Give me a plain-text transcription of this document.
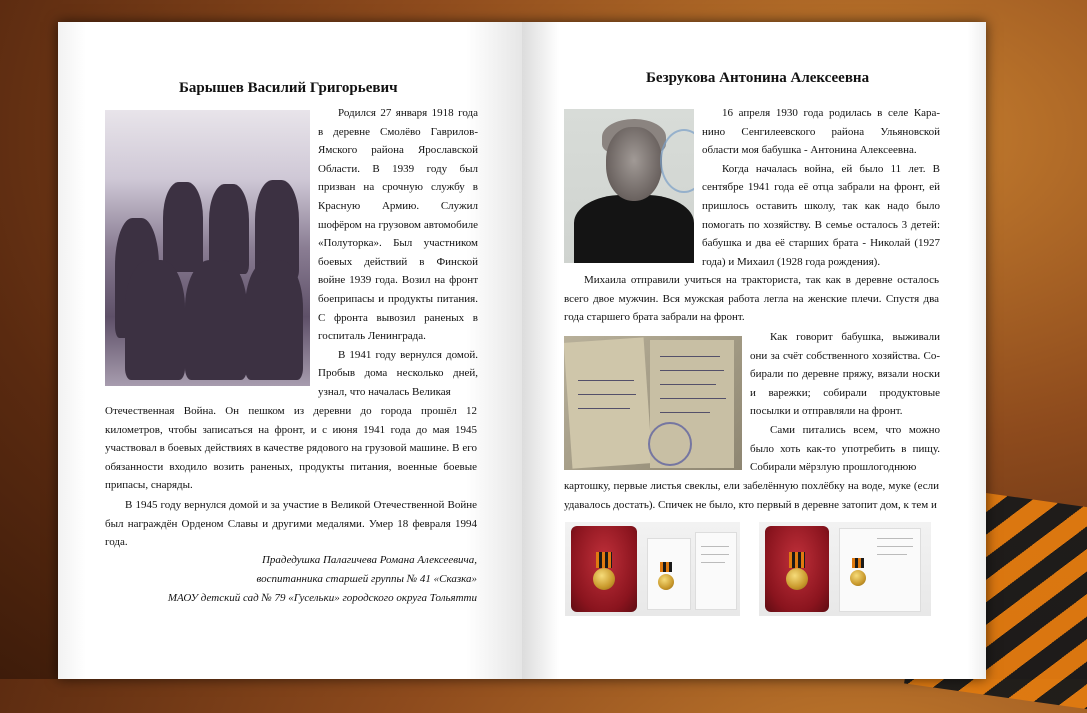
Барышев Василий Григорьевич
Родился 27 января 1918 года
в деревне Смолёво Гаврилов-
Ямского района Ярославской
Области. В 1939 году был
призван на срочную службу в
Красную Армию. Служил
шофёром на грузовом автомобиле
«Полуторка». Был участником
боевых действий в Финской
войне 1939 года. Возил на фронт
боеприпасы и продукты питания.
С фронта вывозил раненых в
госпиталь Ленинграда.
В 1941 году вернулся домой.
Пробыв дома несколько дней,
узнал, что началась Великая
Отечественная Война. Он пешком из деревни до города прошёл 12 километров, чтобы записаться на фронт, и с июня 1941 года до мая 1945 участвовал в боевых действиях в качестве рядового на грузовой машине. В его обязанности входило возить раненых, продукты питания, военные боевые припасы, снаряды.
В 1945 году вернулся домой и за участие в Великой Отечественной Войне был награждён Орденом Славы и другими медалями. Умер 18 февраля 1994 года.
Прадедушка Палагичева Романа Алексеевича,
воспитанника старшей группы № 41 «Сказка»
МАОУ детский сад № 79 «Гусельки» городского округа Тольятти
Безрукова Антонина Алексеевна
16 апреля 1930 года родилась в селе Кара-
нино Сенгилеевского района Ульяновской
области моя бабушка - Антонина Алексеевна.
Когда началась война, ей было 11 лет. В
сентябре 1941 года её отца забрали на фронт, ей
пришлось оставить школу, так как надо было
помогать по хозяйству. В семье осталось 3 детей:
бабушка и два её старших брата - Николай (1927
года) и Михаил (1928 года рождения).
Михаила отправили учиться на тракториста, так как в деревне осталось всего двое мужчин. Вся мужская работа легла на женские плечи. Спустя два года старшего брата забрали на фронт.
Как говорит бабушка, выживали
они за счёт собственного хозяйства. Со-
бирали по деревне пряжу, вязали носки
и варежки; собирали продуктовые
посылки и отправляли на фронт.
Сами питались всем, что можно
было хоть как-то употребить в пищу.
Собирали мёрзлую прошлогоднюю
картошку, первые листья свеклы, ели забелённую похлёбку на воде, муке (если удавалось достать). Спичек не было, кто первый в деревне затопит дом, к тем и
